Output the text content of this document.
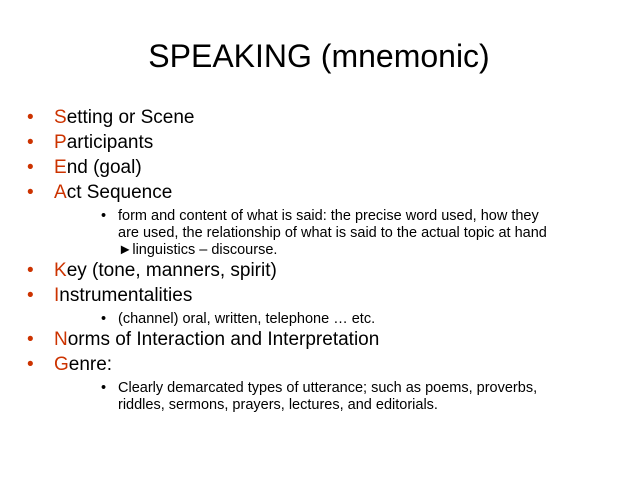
SPEAKING (mnemonic)
•	Setting or Scene
•	Participants
•	End (goal)
•	Act Sequence
• form and content of what is said: the precise word used, how they
are used, the relationship of what is said to the actual topic at hand
►linguistics – discourse.
•	Key (tone, manners, spirit)
•	Instrumentalities
• (channel) oral, written, telephone … etc.
•	Norms of Interaction and Interpretation
•	Genre:
• Clearly demarcated types of utterance; such as poems, proverbs,
riddles, sermons, prayers, lectures, and editorials.
